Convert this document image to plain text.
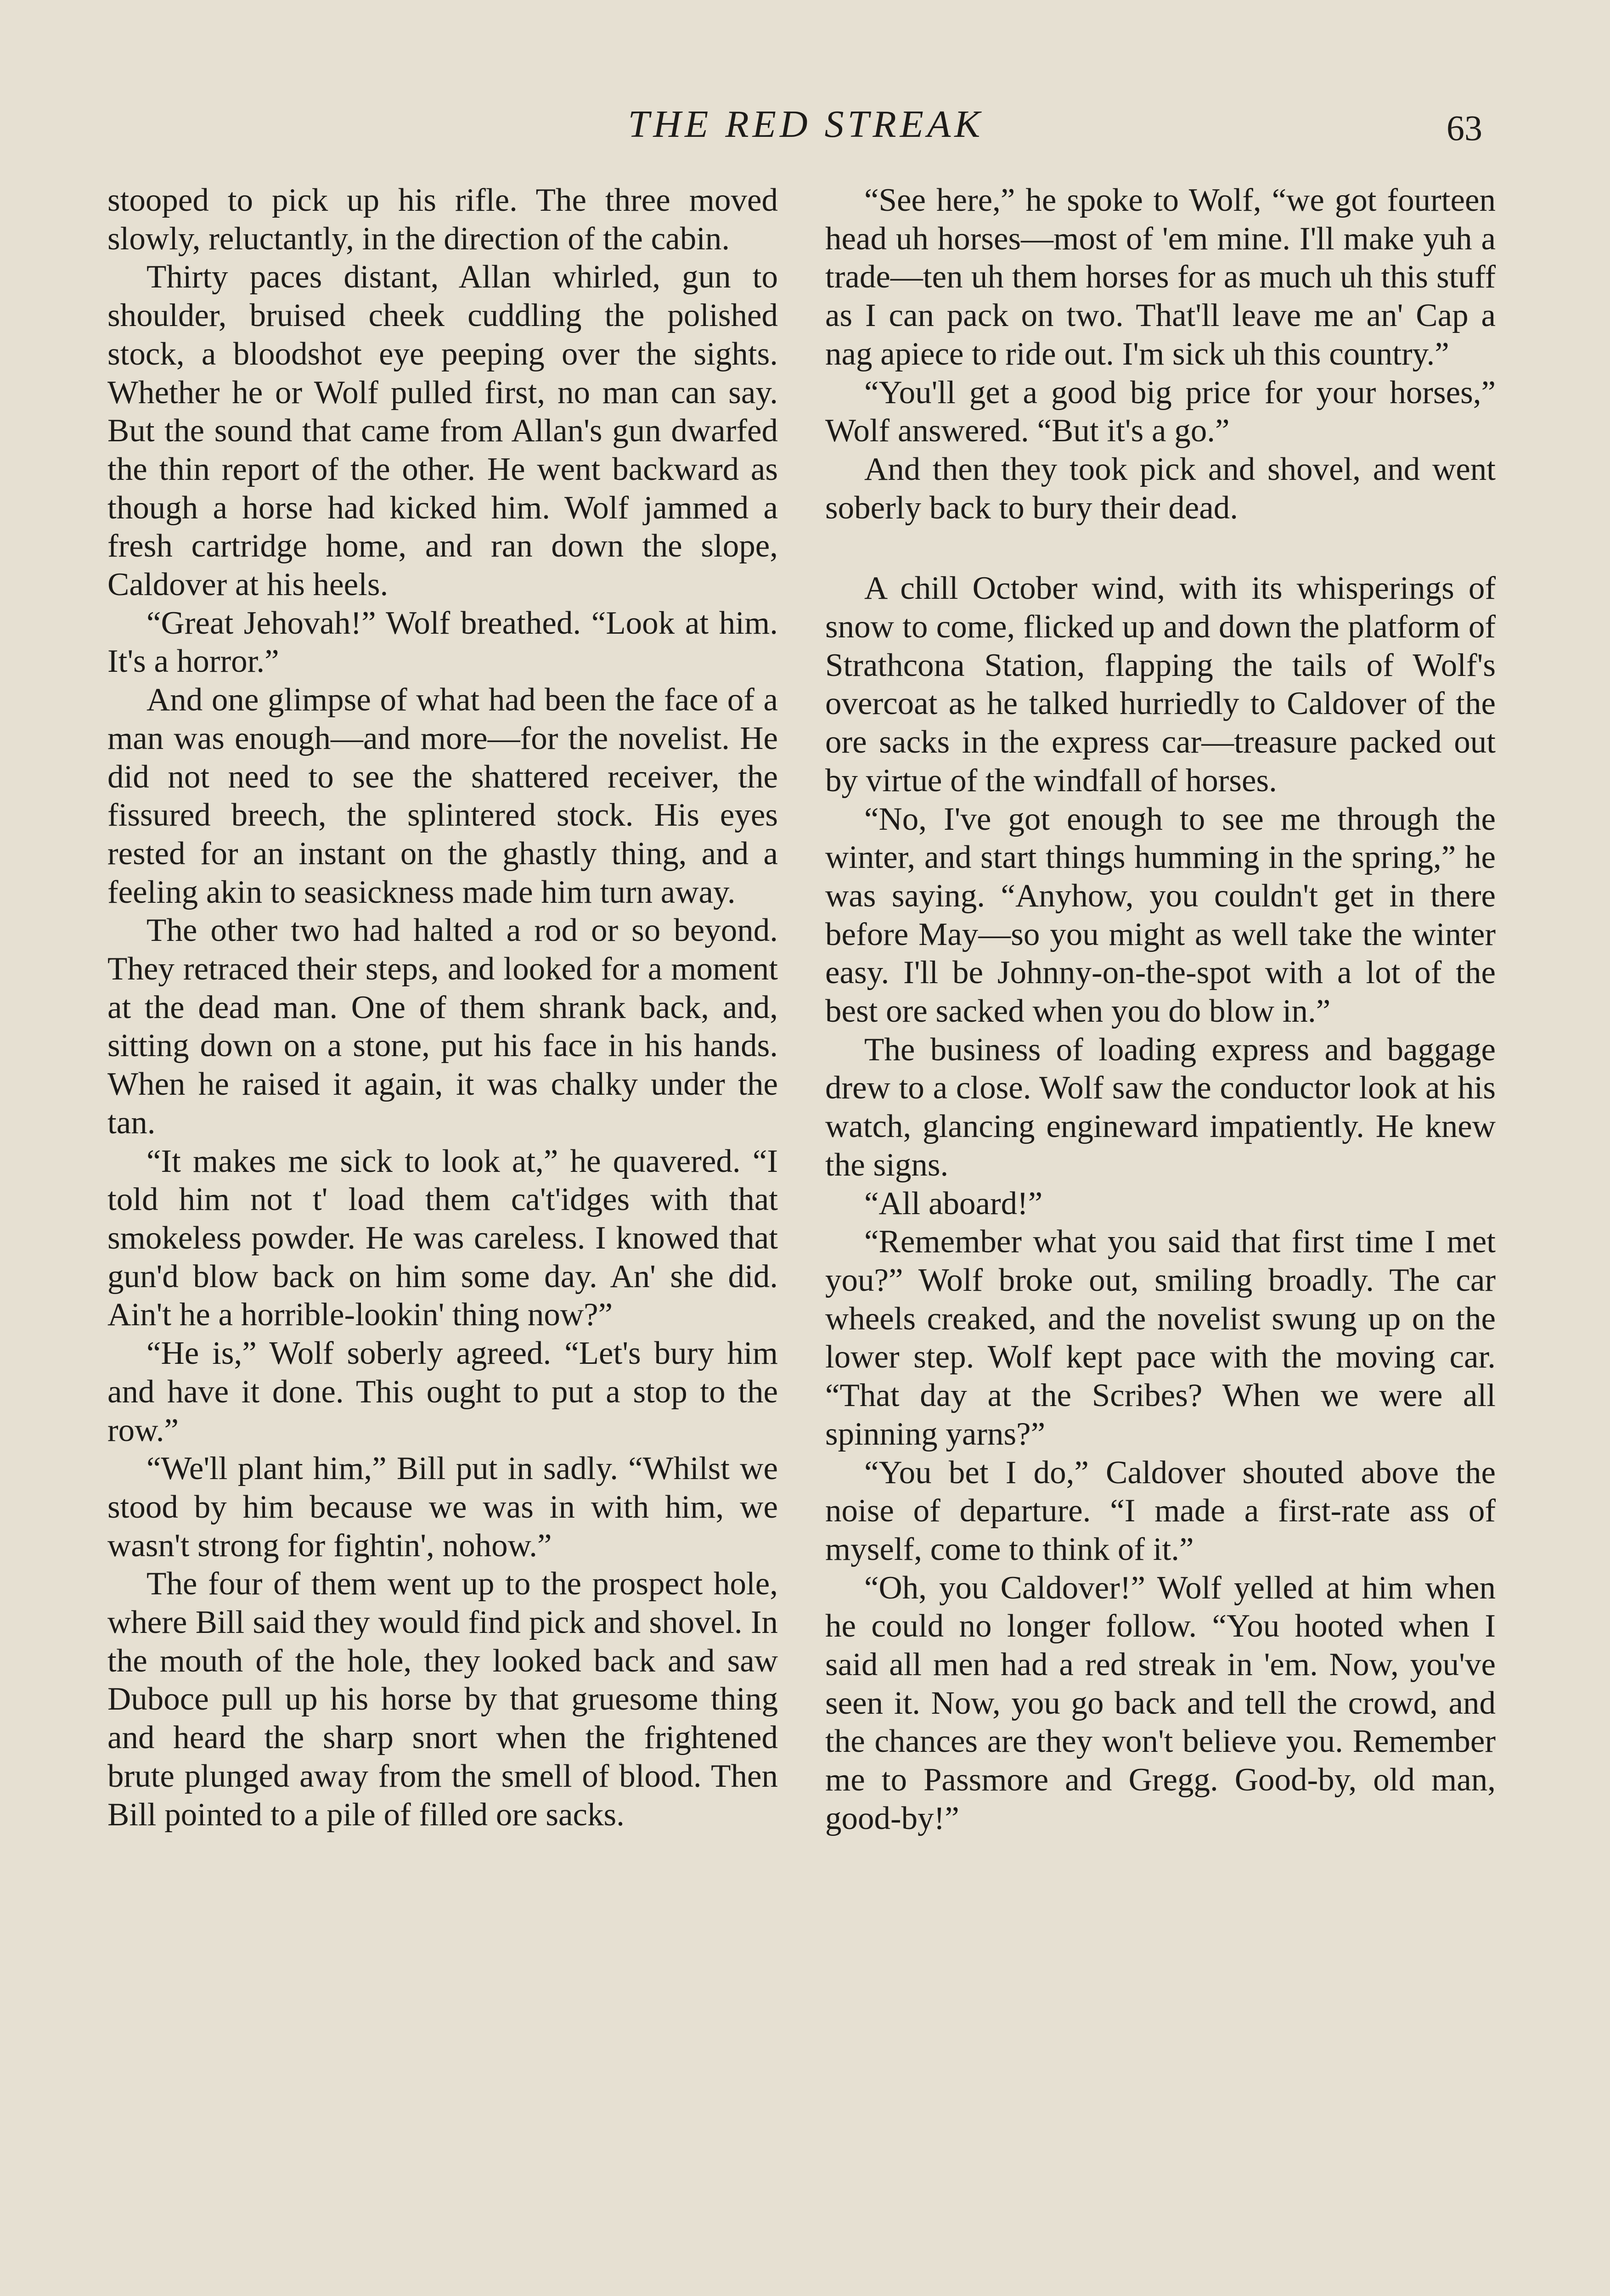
THE RED STREAK	63

stooped to pick up his rifle. The three moved slowly, reluctantly, in the direction of the cabin.

Thirty paces distant, Allan whirled, gun to shoulder, bruised cheek cuddling the polished stock, a bloodshot eye peeping over the sights. Whether he or Wolf pulled first, no man can say. But the sound that came from Allan's gun dwarfed the thin report of the other. He went backward as though a horse had kicked him. Wolf jammed a fresh cartridge home, and ran down the slope, Caldover at his heels.

“Great Jehovah!” Wolf breathed. “Look at him. It's a horror.”

And one glimpse of what had been the face of a man was enough—and more—for the novelist. He did not need to see the shattered receiver, the fissured breech, the splintered stock. His eyes rested for an instant on the ghastly thing, and a feeling akin to seasickness made him turn away.

The other two had halted a rod or so beyond. They retraced their steps, and looked for a moment at the dead man. One of them shrank back, and, sitting down on a stone, put his face in his hands. When he raised it again, it was chalky under the tan.

“It makes me sick to look at,” he quavered. “I told him not t' load them ca't'idges with that smokeless powder. He was careless. I knowed that gun'd blow back on him some day. An' she did. Ain't he a horrible-lookin' thing now?”

“He is,” Wolf soberly agreed. “Let's bury him and have it done. This ought to put a stop to the row.”

“We'll plant him,” Bill put in sadly. “Whilst we stood by him because we was in with him, we wasn't strong for fightin', nohow.”

The four of them went up to the prospect hole, where Bill said they would find pick and shovel. In the mouth of the hole, they looked back and saw Duboce pull up his horse by that gruesome thing and heard the sharp snort when the frightened brute plunged away from the smell of blood. Then Bill pointed to a pile of filled ore sacks.

“See here,” he spoke to Wolf, “we got fourteen head uh horses—most of 'em mine. I'll make yuh a trade—ten uh them horses for as much uh this stuff as I can pack on two. That'll leave me an' Cap a nag apiece to ride out. I'm sick uh this country.”

“You'll get a good big price for your horses,” Wolf answered. “But it's a go.”

And then they took pick and shovel, and went soberly back to bury their dead.

A chill October wind, with its whisperings of snow to come, flicked up and down the platform of Strathcona Station, flapping the tails of Wolf's overcoat as he talked hurriedly to Caldover of the ore sacks in the express car—treasure packed out by virtue of the windfall of horses.

“No, I've got enough to see me through the winter, and start things humming in the spring,” he was saying. “Anyhow, you couldn't get in there before May—so you might as well take the winter easy. I'll be Johnny-on-the-spot with a lot of the best ore sacked when you do blow in.”

The business of loading express and baggage drew to a close. Wolf saw the conductor look at his watch, glancing engineward impatiently. He knew the signs.

“All aboard!”

“Remember what you said that first time I met you?” Wolf broke out, smiling broadly. The car wheels creaked, and the novelist swung up on the lower step. Wolf kept pace with the moving car. “That day at the Scribes? When we were all spinning yarns?”

“You bet I do,” Caldover shouted above the noise of departure. “I made a first-rate ass of myself, come to think of it.”

“Oh, you Caldover!” Wolf yelled at him when he could no longer follow. “You hooted when I said all men had a red streak in 'em. Now, you've seen it. Now, you go back and tell the crowd, and the chances are they won't believe you. Remember me to Passmore and Gregg. Good-by, old man, good-by!”
